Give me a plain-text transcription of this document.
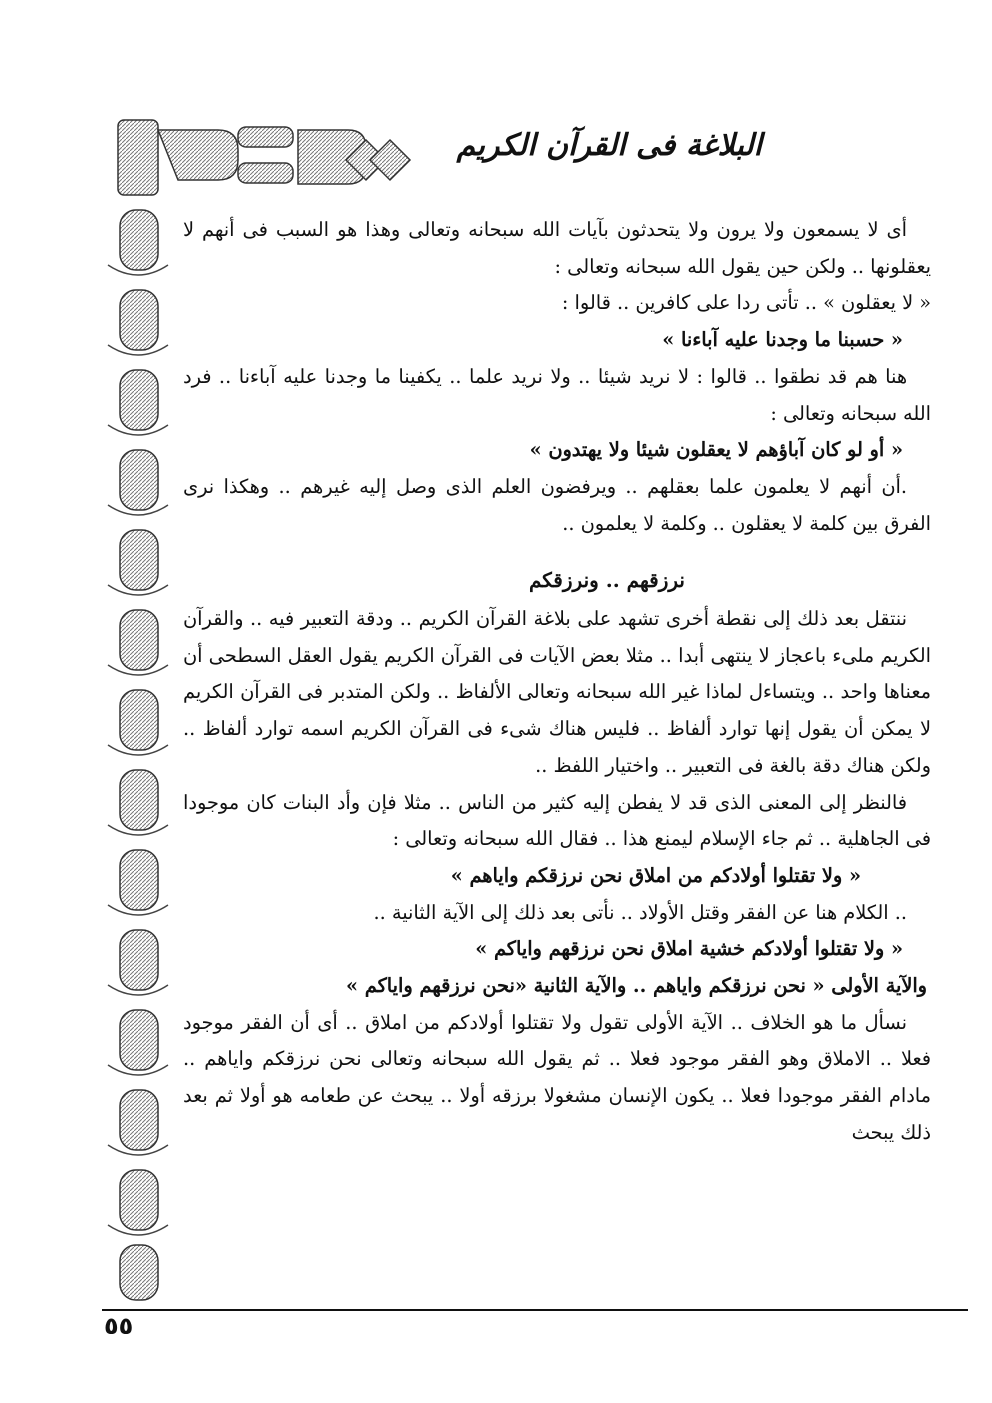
البلاغة فى القرآن الكريم

أى لا يسمعون ولا يرون ولا يتحدثون بآيات الله سبحانه وتعالى وهذا هو السبب فى أنهم لا يعقلونها .. ولكن حين يقول الله سبحانه وتعالى :

« لا يعقلون » .. تأتى ردا على كافرين .. قالوا :

« حسبنا ما وجدنا عليه آباءنا »

هنا هم قد نطقوا .. قالوا : لا نريد شيئا .. ولا نريد علما .. يكفينا ما وجدنا عليه آباءنا .. فرد الله سبحانه وتعالى :

« أو لو كان آباؤهم لا يعقلون شيئا ولا يهتدون »

.أن أنهم لا يعلمون علما بعقلهم .. ويرفضون العلم الذى وصل إليه غيرهم .. وهكذا نرى الفرق بين كلمة لا يعقلون .. وكلمة لا يعلمون ..

نرزقهم .. ونرزقكم

ننتقل بعد ذلك إلى نقطة أخرى تشهد على بلاغة القرآن الكريم .. ودقة التعبير فيه .. والقرآن الكريم ملىء باعجاز لا ينتهى أبدا .. مثلا بعض الآيات فى القرآن الكريم يقول العقل السطحى أن معناها واحد .. ويتساءل لماذا غير الله سبحانه وتعالى الألفاظ .. ولكن المتدبر فى القرآن الكريم لا يمكن أن يقول إنها توارد ألفاظ .. فليس هناك شىء فى القرآن الكريم اسمه توارد ألفاظ .. ولكن هناك دقة بالغة فى التعبير .. واختيار اللفظ ..

فالنظر إلى المعنى الذى قد لا يفطن إليه كثير من الناس .. مثلا فإن وأد البنات كان موجودا فى الجاهلية .. ثم جاء الإسلام ليمنع هذا .. فقال الله سبحانه وتعالى :

« ولا تقتلوا أولادكم من املاق نحن نرزقكم واياهم »

.. الكلام هنا عن الفقر وقتل الأولاد .. نأتى بعد ذلك إلى الآية الثانية ..

« ولا تقتلوا أولادكم خشية املاق نحن نرزقهم واياكم »

والآية الأولى « نحن نرزقكم واياهم .. والآية الثانية «نحن نرزقهم واياكم »

نسأل ما هو الخلاف .. الآية الأولى تقول ولا تقتلوا أولادكم من املاق .. أى أن الفقر موجود فعلا .. الاملاق وهو الفقر موجود فعلا .. ثم يقول الله سبحانه وتعالى نحن نرزقكم واياهم .. مادام الفقر موجودا فعلا .. يكون الإنسان مشغولا برزقه أولا .. يبحث عن طعامه هو أولا ثم بعد ذلك يبحث

٥٥
